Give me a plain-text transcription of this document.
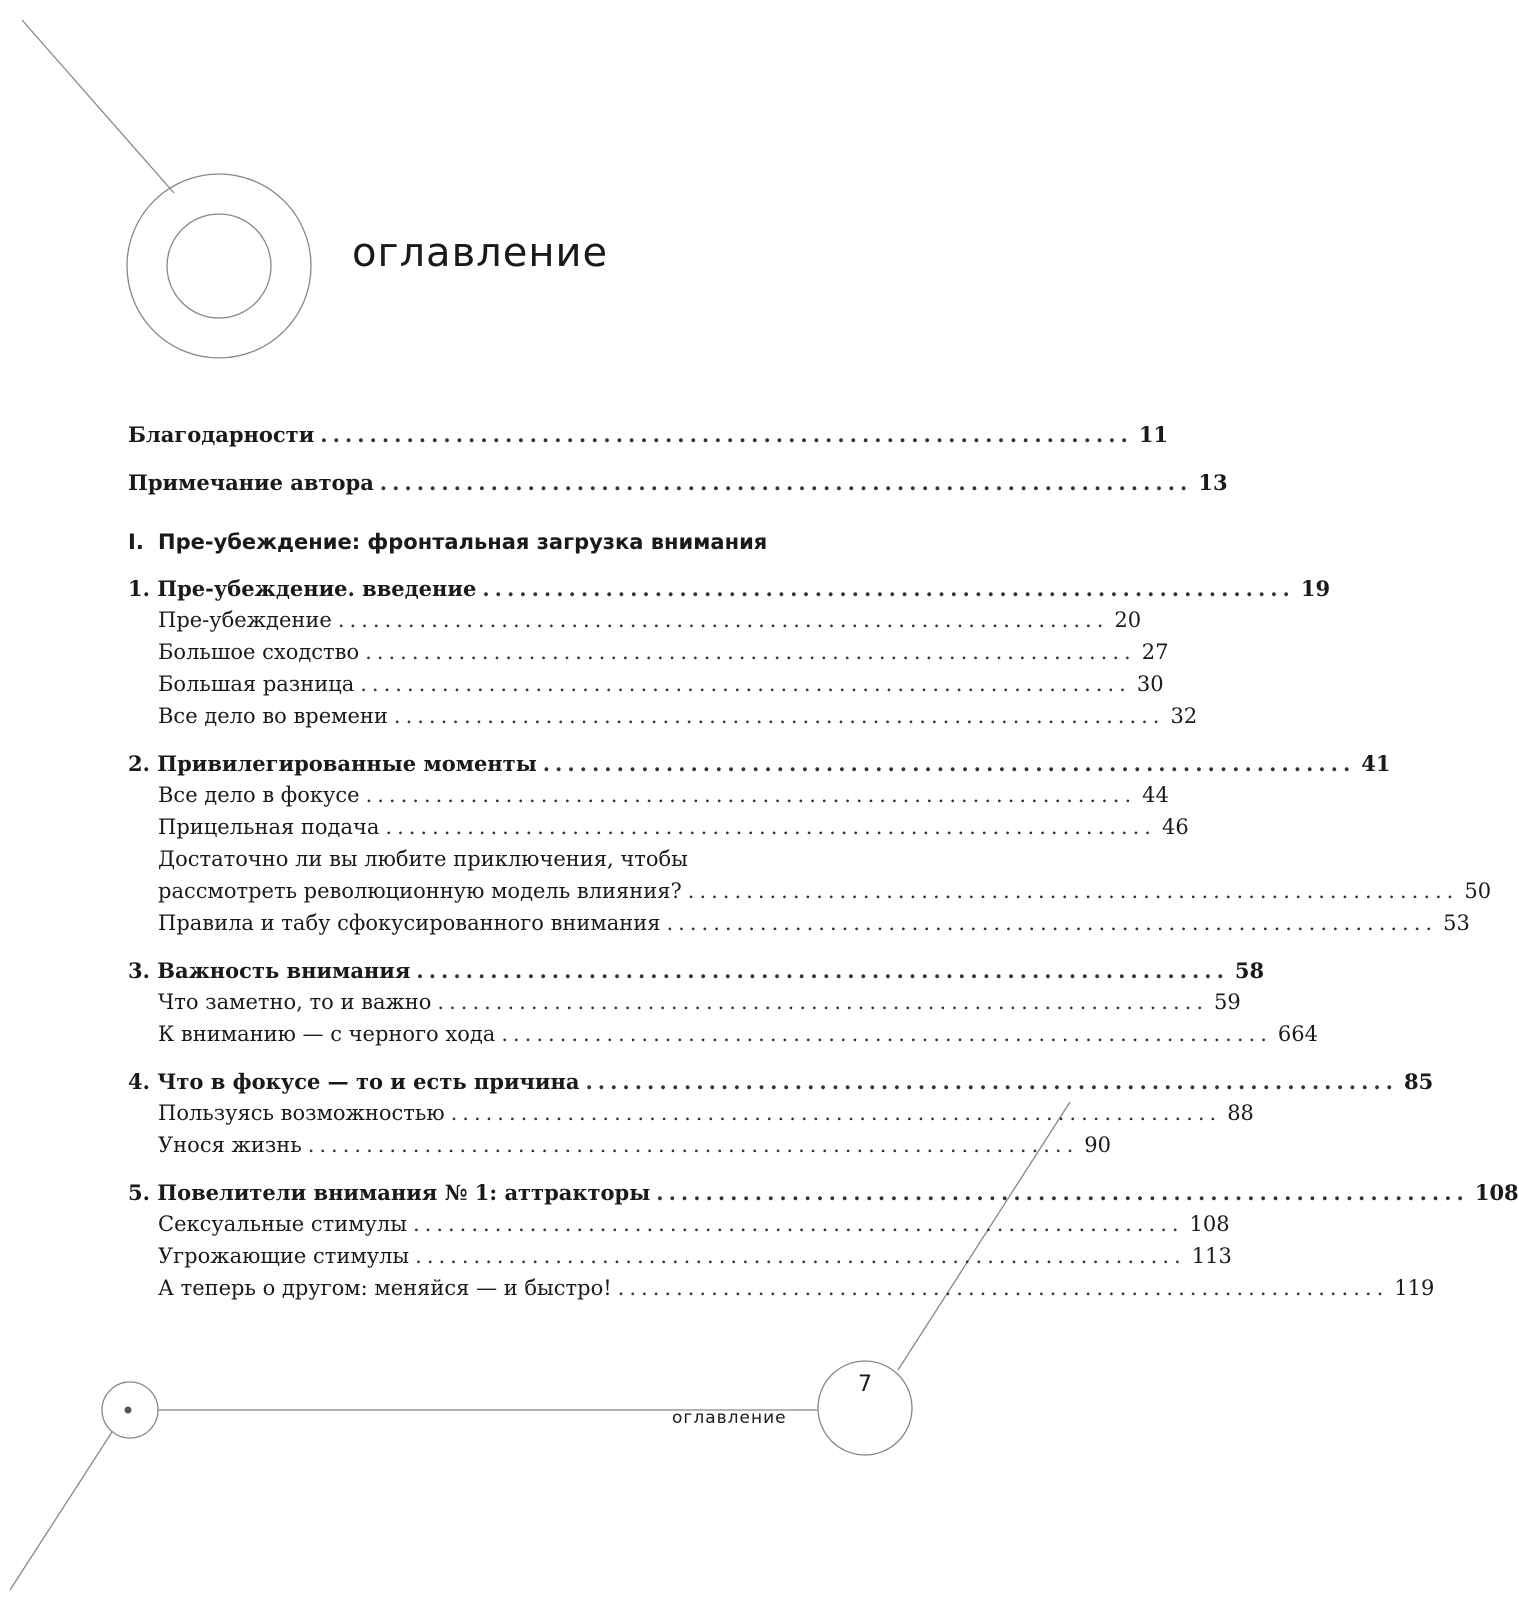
оглавление
Благодарности .................................................................. 11
Примечание автора .................................................................. 13
I. Пре-убеждение: фронтальная загрузка внимания
1. Пре-убеждение. введение .................................................................. 19
Пре-убеждение .................................................................. 20
Большое сходство .................................................................. 27
Большая разница .................................................................. 30
Все дело во времени .................................................................. 32
2. Привилегированные моменты .................................................................. 41
Все дело в фокусе .................................................................. 44
Прицельная подача .................................................................. 46
Достаточно ли вы любите приключения, чтобы
рассмотреть революционную модель влияния? .................................................................. 50
Правила и табу сфокусированного внимания .................................................................. 53
3. Важность внимания .................................................................. 58
Что заметно, то и важно .................................................................. 59
К вниманию — с черного хода .................................................................. 664
4. Что в фокусе — то и есть причина .................................................................. 85
Пользуясь возможностью .................................................................. 88
Унося жизнь .................................................................. 90
5. Повелители внимания № 1: аттракторы .................................................................. 108
Сексуальные стимулы .................................................................. 108
Угрожающие стимулы .................................................................. 113
А теперь о другом: меняйся — и быстро! .................................................................. 119
7
оглавление
